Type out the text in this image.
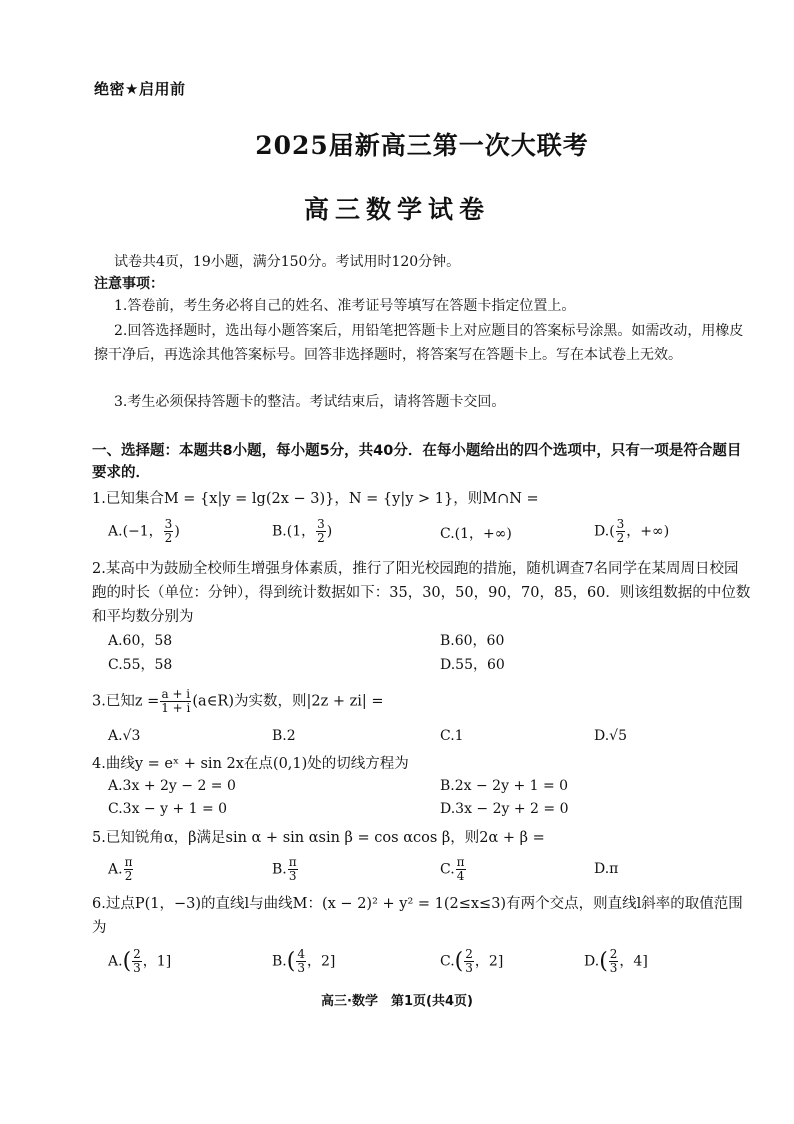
绝密★启用前
2025届新高三第一次大联考
高三数学试卷
试卷共4页，19小题，满分150分。考试用时120分钟。
注意事项：
1.答卷前，考生务必将自己的姓名、准考证号等填写在答题卡指定位置上。
2.回答选择题时，选出每小题答案后，用铅笔把答题卡上对应题目的答案标号涂黑。如需改动，用橡皮擦干净后，再选涂其他答案标号。回答非选择题时，将答案写在答题卡上。写在本试卷上无效。
3.考生必须保持答题卡的整洁。考试结束后，请将答题卡交回。
一、选择题：本题共8小题，每小题5分，共40分．在每小题给出的四个选项中，只有一项是符合题目要求的．
1.已知集合M = {x|y = lg(2x − 3)}，N = {y|y > 1}，则M∩N =
A.(−1， $\frac{3}{2}$ )	B.(1， $\frac{3}{2}$ )	C.(1，+∞)	$D.( \frac{3}{2}$ ，+∞)
2.某高中为鼓励全校师生增强身体素质，推行了阳光校园跑的措施，随机调查7名同学在某周周日校园跑的时长（单位：分钟），得到统计数据如下：35，30，50，90，70，85，60．则该组数据的中位数和平均数分别为
A.60，58	B.60，60
C.55，58	D.55，60
3.已知$z = \frac{a + i}{1 + i}$ (a∈R)为实数，则|2z + zi| =
A.√3	B.2	C.1	D.√5
4.曲线y = eˣ + sin 2x在点(0,1)处的切线方程为
A.3x + 2y − 2 = 0	B.2x − 2y + 1 = 0
C.3x − y + 1 = 0	D.3x − 2y + 2 = 0
5.已知锐角α，β满足sin α + sin αsin β = cos αcos β，则2α + β =
A. $\frac{\pi}{2}$	B. $\frac{\pi}{3}$	C. $\frac{\pi}{4}$	D.π
6.过点P(1，−3)的直线l与曲线M：(x − 2)² + y² = 1(2≤x≤3)有两个交点，则直线l斜率的取值范围为
$A.( \frac{2}{3}$ ，1]	$B.( \frac{4}{3}$ ，2]	$C.( \frac{2}{3}$ ，2]	$D.( \frac{2}{3}$ ，4]
高三·数学　第1页(共4页)
